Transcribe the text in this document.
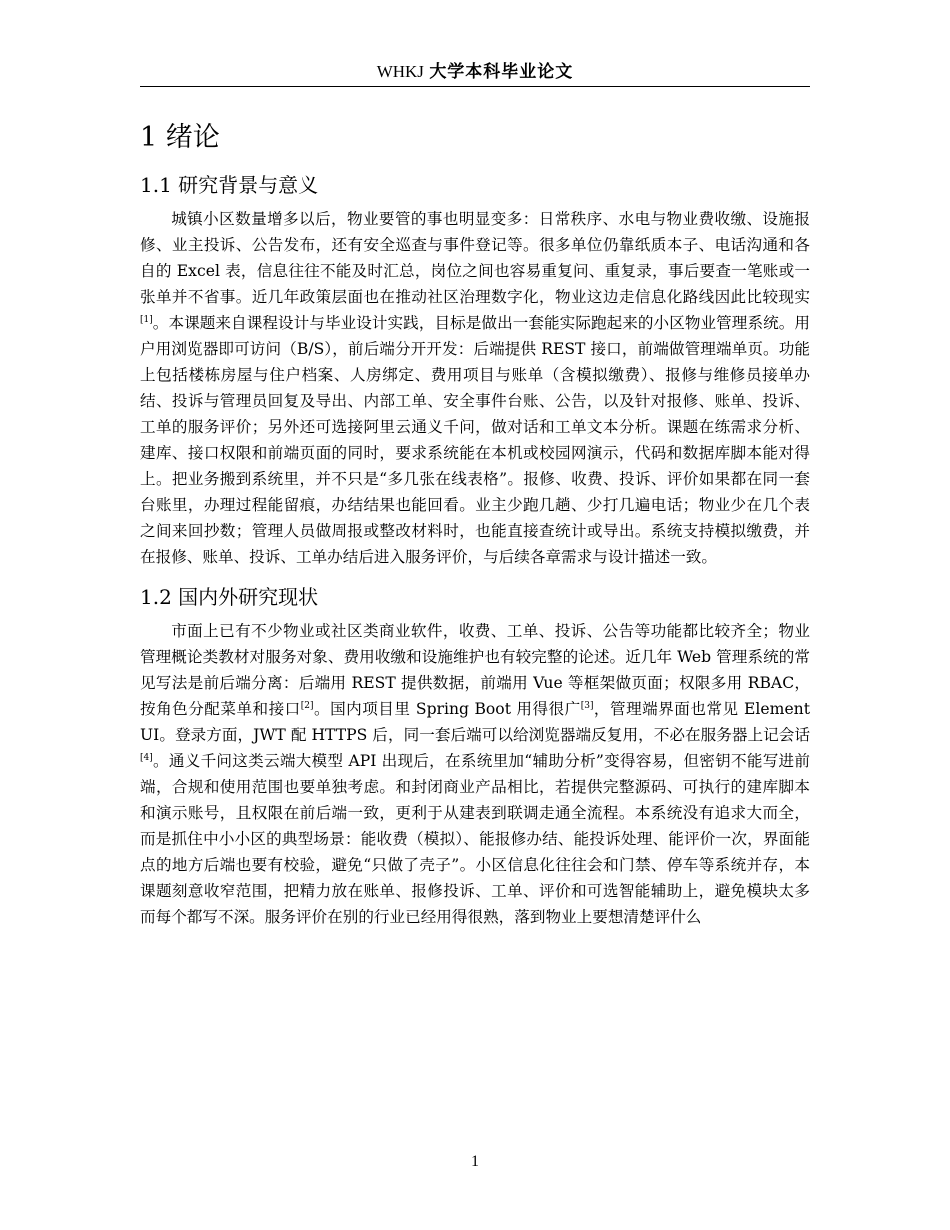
WHKJ 大学本科毕业论文
1 绪论
1.1 研究背景与意义

城镇小区数量增多以后，物业要管的事也明显变多：日常秩序、水电与物业费收缴、设施报修、业主投诉、公告发布，还有安全巡查与事件登记等。很多单位仍靠纸质本子、电话沟通和各自的 Excel 表，信息往往不能及时汇总，岗位之间也容易重复问、重复录，事后要查一笔账或一张单并不省事。近几年政策层面也在推动社区治理数字化，物业这边走信息化路线因此比较现实[1]。本课题来自课程设计与毕业设计实践，目标是做出一套能实际跑起来的小区物业管理系统。用户用浏览器即可访问（B/S），前后端分开开发：后端提供 REST 接口，前端做管理端单页。功能上包括楼栋房屋与住户档案、人房绑定、费用项目与账单（含模拟缴费）、报修与维修员接单办结、投诉与管理员回复及导出、内部工单、安全事件台账、公告，以及针对报修、账单、投诉、工单的服务评价；另外还可选接阿里云通义千问，做对话和工单文本分析。课题在练需求分析、建库、接口权限和前端页面的同时，要求系统能在本机或校园网演示，代码和数据库脚本能对得上。把业务搬到系统里，并不只是“多几张在线表格”。报修、收费、投诉、评价如果都在同一套台账里，办理过程能留痕，办结结果也能回看。业主少跑几趟、少打几遍电话；物业少在几个表之间来回抄数；管理人员做周报或整改材料时，也能直接查统计或导出。系统支持模拟缴费，并在报修、账单、投诉、工单办结后进入服务评价，与后续各章需求与设计描述一致。

1.2 国内外研究现状

市面上已有不少物业或社区类商业软件，收费、工单、投诉、公告等功能都比较齐全；物业管理概论类教材对服务对象、费用收缴和设施维护也有较完整的论述。近几年 Web 管理系统的常见写法是前后端分离：后端用 REST 提供数据，前端用 Vue 等框架做页面；权限多用 RBAC，按角色分配菜单和接口[2]。国内项目里 Spring Boot 用得很广[3]，管理端界面也常见 Element UI。登录方面，JWT 配 HTTPS 后，同一套后端可以给浏览器端反复用，不必在服务器上记会话[4]。通义千问这类云端大模型 API 出现后，在系统里加“辅助分析”变得容易，但密钥不能写进前端，合规和使用范围也要单独考虑。和封闭商业产品相比，若提供完整源码、可执行的建库脚本和演示账号，且权限在前后端一致，更利于从建表到联调走通全流程。本系统没有追求大而全，而是抓住中小小区的典型场景：能收费（模拟）、能报修办结、能投诉处理、能评价一次，界面能点的地方后端也要有校验，避免“只做了壳子”。小区信息化往往会和门禁、停车等系统并存，本课题刻意收窄范围，把精力放在账单、报修投诉、工单、评价和可选智能辅助上，避免模块太多而每个都写不深。服务评价在别的行业已经用得很熟，落到物业上要想清楚评什么

1
